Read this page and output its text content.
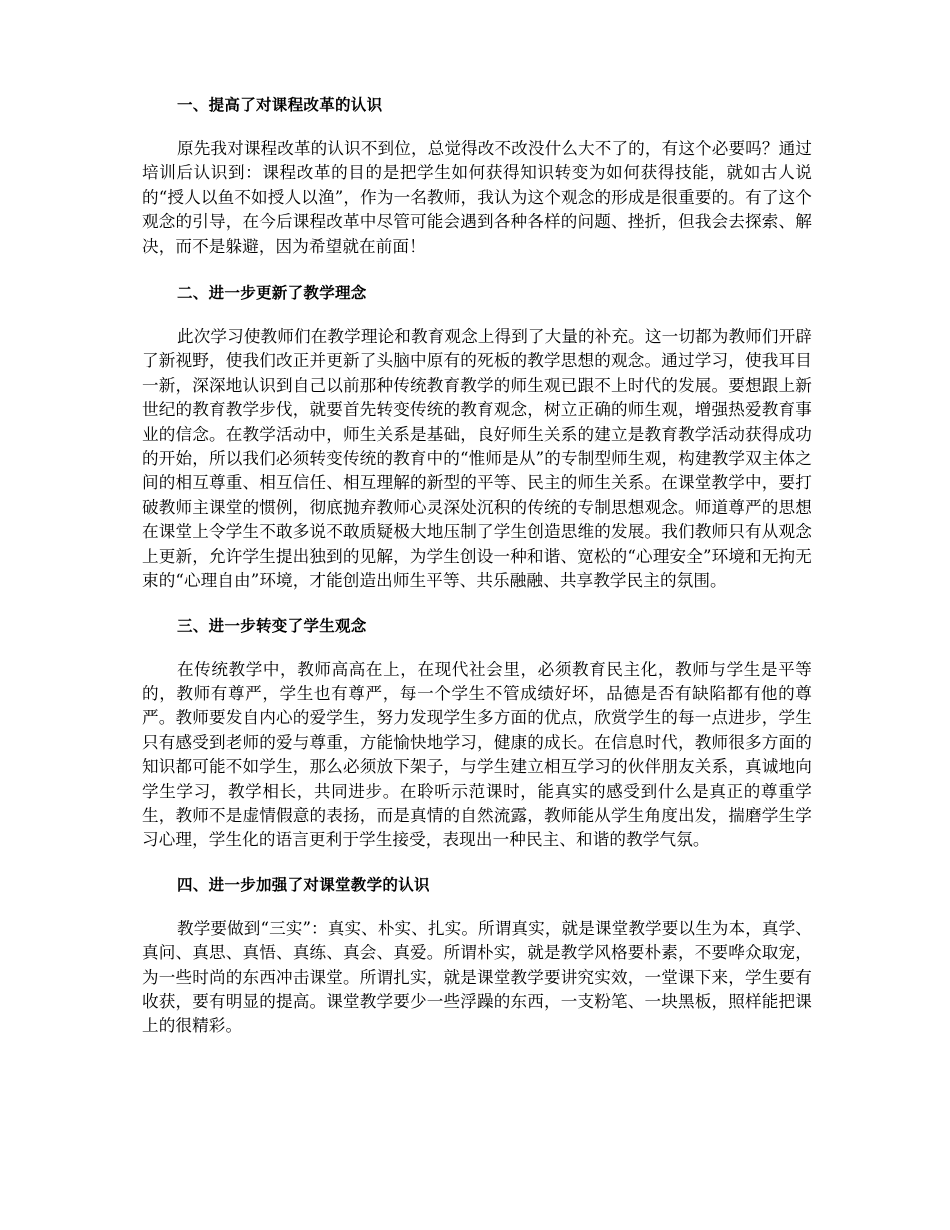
一、提高了对课程改革的认识

原先我对课程改革的认识不到位，总觉得改不改没什么大不了的，有这个必要吗？通过培训后认识到：课程改革的目的是把学生如何获得知识转变为如何获得技能，就如古人说的“授人以鱼不如授人以渔”，作为一名教师，我认为这个观念的形成是很重要的。有了这个观念的引导，在今后课程改革中尽管可能会遇到各种各样的问题、挫折，但我会去探索、解决，而不是躲避，因为希望就在前面！

二、进一步更新了教学理念

此次学习使教师们在教学理论和教育观念上得到了大量的补充。这一切都为教师们开辟了新视野，使我们改正并更新了头脑中原有的死板的教学思想的观念。通过学习，使我耳目一新，深深地认识到自己以前那种传统教育教学的师生观已跟不上时代的发展。要想跟上新世纪的教育教学步伐，就要首先转变传统的教育观念，树立正确的师生观，增强热爱教育事业的信念。在教学活动中，师生关系是基础，良好师生关系的建立是教育教学活动获得成功的开始，所以我们必须转变传统的教育中的“惟师是从”的专制型师生观，构建教学双主体之间的相互尊重、相互信任、相互理解的新型的平等、民主的师生关系。在课堂教学中，要打破教师主课堂的惯例，彻底抛弃教师心灵深处沉积的传统的专制思想观念。师道尊严的思想在课堂上令学生不敢多说不敢质疑极大地压制了学生创造思维的发展。我们教师只有从观念上更新，允许学生提出独到的见解，为学生创设一种和谐、宽松的“心理安全”环境和无拘无束的“心理自由”环境，才能创造出师生平等、共乐融融、共享教学民主的氛围。

三、进一步转变了学生观念

在传统教学中，教师高高在上，在现代社会里，必须教育民主化，教师与学生是平等的，教师有尊严，学生也有尊严，每一个学生不管成绩好坏，品德是否有缺陷都有他的尊严。教师要发自内心的爱学生，努力发现学生多方面的优点，欣赏学生的每一点进步，学生只有感受到老师的爱与尊重，方能愉快地学习，健康的成长。在信息时代，教师很多方面的知识都可能不如学生，那么必须放下架子，与学生建立相互学习的伙伴朋友关系，真诚地向学生学习，教学相长，共同进步。在聆听示范课时，能真实的感受到什么是真正的尊重学生，教师不是虚情假意的表扬，而是真情的自然流露，教师能从学生角度出发，揣磨学生学习心理，学生化的语言更利于学生接受，表现出一种民主、和谐的教学气氛。

四、进一步加强了对课堂教学的认识

教学要做到“三实”：真实、朴实、扎实。所谓真实，就是课堂教学要以生为本，真学、真问、真思、真悟、真练、真会、真爱。所谓朴实，就是教学风格要朴素，不要哗众取宠，为一些时尚的东西冲击课堂。所谓扎实，就是课堂教学要讲究实效，一堂课下来，学生要有收获，要有明显的提高。课堂教学要少一些浮躁的东西，一支粉笔、一块黑板，照样能把课上的很精彩。
